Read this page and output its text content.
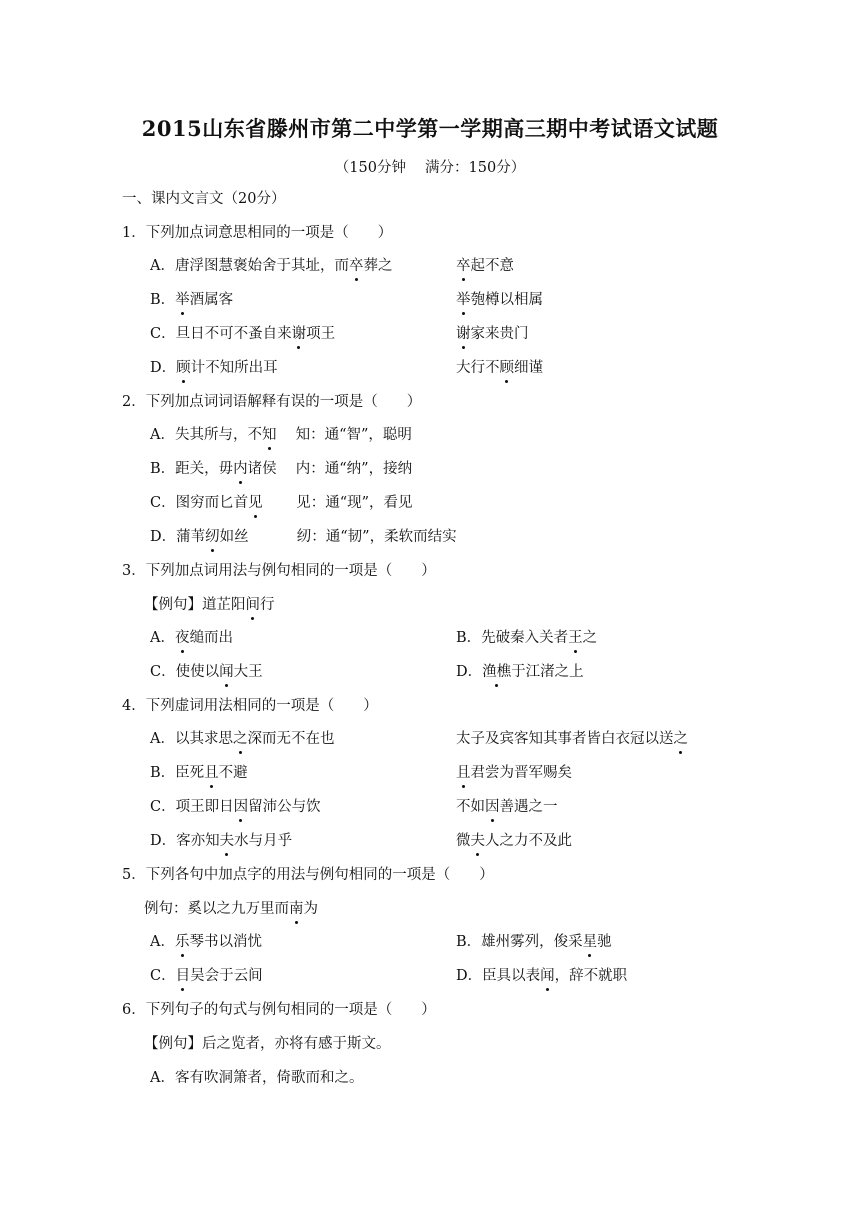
2015山东省滕州市第二中学第一学期高三期中考试语文试题
（150分钟　 满分：150分）
一、课内文言文（20分）
1．下列加点词意思相同的一项是（　　）
A．唐浮图慧褒始舍于其址，而卒葬之	卒起不意
B．举酒属客	举匏樽以相属
C．旦日不可不蚤自来谢项王	谢家来贵门
D．顾计不知所出耳	大行不顾细谨
2．下列加点词词语解释有误的一项是（　　）
A．失其所与，不知　 知：通“智”，聪明
B．距关，毋内诸侯　 内：通“纳”，接纳
C．图穷而匕首见　　 见：通“现”，看见
D．蒲苇纫如丝　　　 纫：通“韧”，柔软而结实
3．下列加点词用法与例句相同的一项是（　　）
【例句】道芷阳间行
A．夜缒而出	B．先破秦入关者王之
C．使使以闻大王	D．渔樵于江渚之上
4．下列虚词用法相同的一项是（　　）
A．以其求思之深而无不在也	太子及宾客知其事者皆白衣冠以送之
B．臣死且不避	且君尝为晋军赐矣
C．项王即日因留沛公与饮	不如因善遇之一
D．客亦知夫水与月乎	微夫人之力不及此
5．下列各句中加点字的用法与例句相同的一项是（　　）
例句：奚以之九万里而南为
A．乐琴书以消忧	B．雄州雾列，俊采星驰
C．目吴会于云间	D．臣具以表闻，辞不就职
6．下列句子的句式与例句相同的一项是（　　）
【例句】后之览者，亦将有感于斯文。
A．客有吹洞箫者，倚歌而和之。
